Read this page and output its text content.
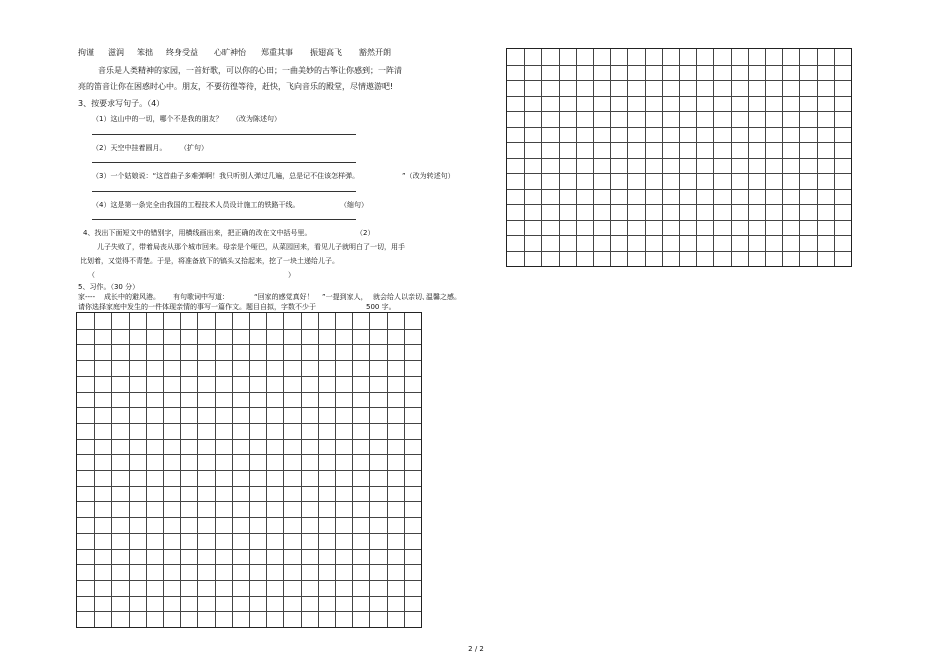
拘谨 滋润 笨拙 终身受益 心旷神怡 郑重其事 振翅高飞 豁然开朗
音乐是人类精神的家园，一首好歌，可以你的心田；一曲美妙的古筝让你感到；一阵清
亮的笛音让你在困惑时心中。朋友，不要彷徨等待，赶快，飞向音乐的殿堂，尽情遨游吧!
3、按要求写句子。（4）
（1）这山中的一切，哪个不是我的朋友？ （改为陈述句）
（2）天空中挂着圆月。 （扩句）
（3）一个姑娘说：“这首曲子多难弹啊！我只听别人弹过几遍，总是记不住该怎样弹。	”（改为转述句）
（4）这是第一条完全由我国的工程技术人员设计施工的铁路干线。	（缩句）
4、找出下面短文中的错别字，用横线画出来，把正确的改在文中括号里。	（2）
儿子失败了，带着局丧从那个城市回来。母亲是个哑巴，从菜园回来，看见儿子就明白了一切，用手
比划着，又觉得不青楚。于是，将准备放下的镐头又拾起来，挖了一块土递给儿子。
（	）
5、习作。（30 分）
家---- 成长中的避风港。 有句歌词中写道：	“回家的感觉真好！ ”一提到家人， 就会给人以亲切、
温馨之感。
请你选择家庭中发生的一件体现亲情的事写一篇作文。题目自拟，字数不少于	500 字。
2 / 2
